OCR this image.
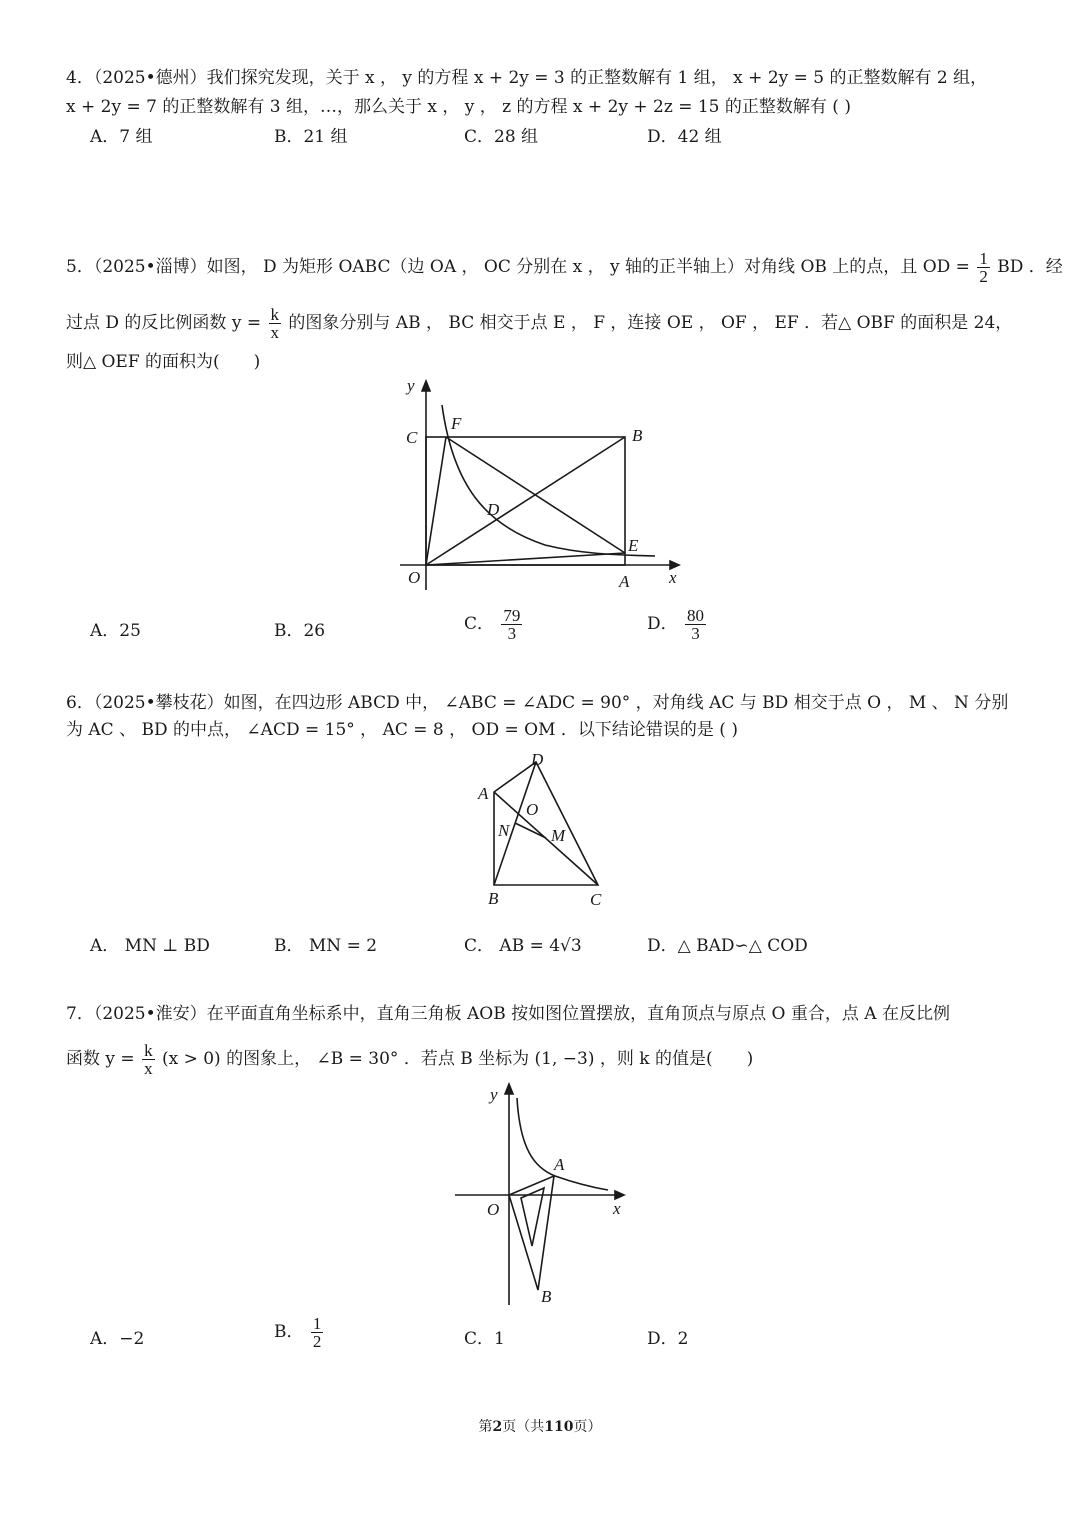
4．（2025•德州）我们探究发现，关于 x ， y 的方程 x + 2y = 3 的正整数解有 1 组， x + 2y = 5 的正整数解有 2 组，
x + 2y = 7 的正整数解有 3 组，…，那么关于 x ， y ， z 的方程 x + 2y + 2z = 15 的正整数解有 ( )
A．7 组	B．21 组	C．28 组	D．42 组
5．（2025•淄博）如图， D 为矩形 OABC（边 OA ， OC 分别在 x ， y 轴的正半轴上）对角线 OB 上的点，且 OD = $\frac{1}{2}$ BD ．经
过点 D 的反比例函数 $y = \frac{k}{x}$ 的图象分别与 AB ， BC 相交于点 E ， F ，连接 OE ， OF ， EF ．若△ OBF 的面积是 24，
则△ OEF 的面积为(　　)
y
C
F
B
D
E
O	A x
A．25	B．26	C． $\frac{79}{3}$	D． $\frac{80}{3}$
6．（2025•攀枝花）如图，在四边形 ABCD 中， ∠ABC = ∠ADC = 90° ，对角线 AC 与 BD 相交于点 O ， M 、 N 分别
为 AC 、 BD 的中点， ∠ACD = 15° ， AC = 8 ， OD = OM ．以下结论错误的是 ( )
D
A
O
N M
B	C
A． MN ⊥ BD	B． MN = 2	C． AB = 4√3	D．△ BAD∽△ COD
7．（2025•淮安）在平面直角坐标系中，直角三角板 AOB 按如图位置摆放，直角顶点与原点 O 重合，点 A 在反比例
函数 $y = \frac{k}{x} (x > 0)$ 的图象上， ∠B = 30° ．若点 B 坐标为 (1, −3) ，则 k 的值是(　　)
y
A
O	x
B
A．−2	B． $\frac{1}{2}$	C．1	D．2
第2页（共110页）
